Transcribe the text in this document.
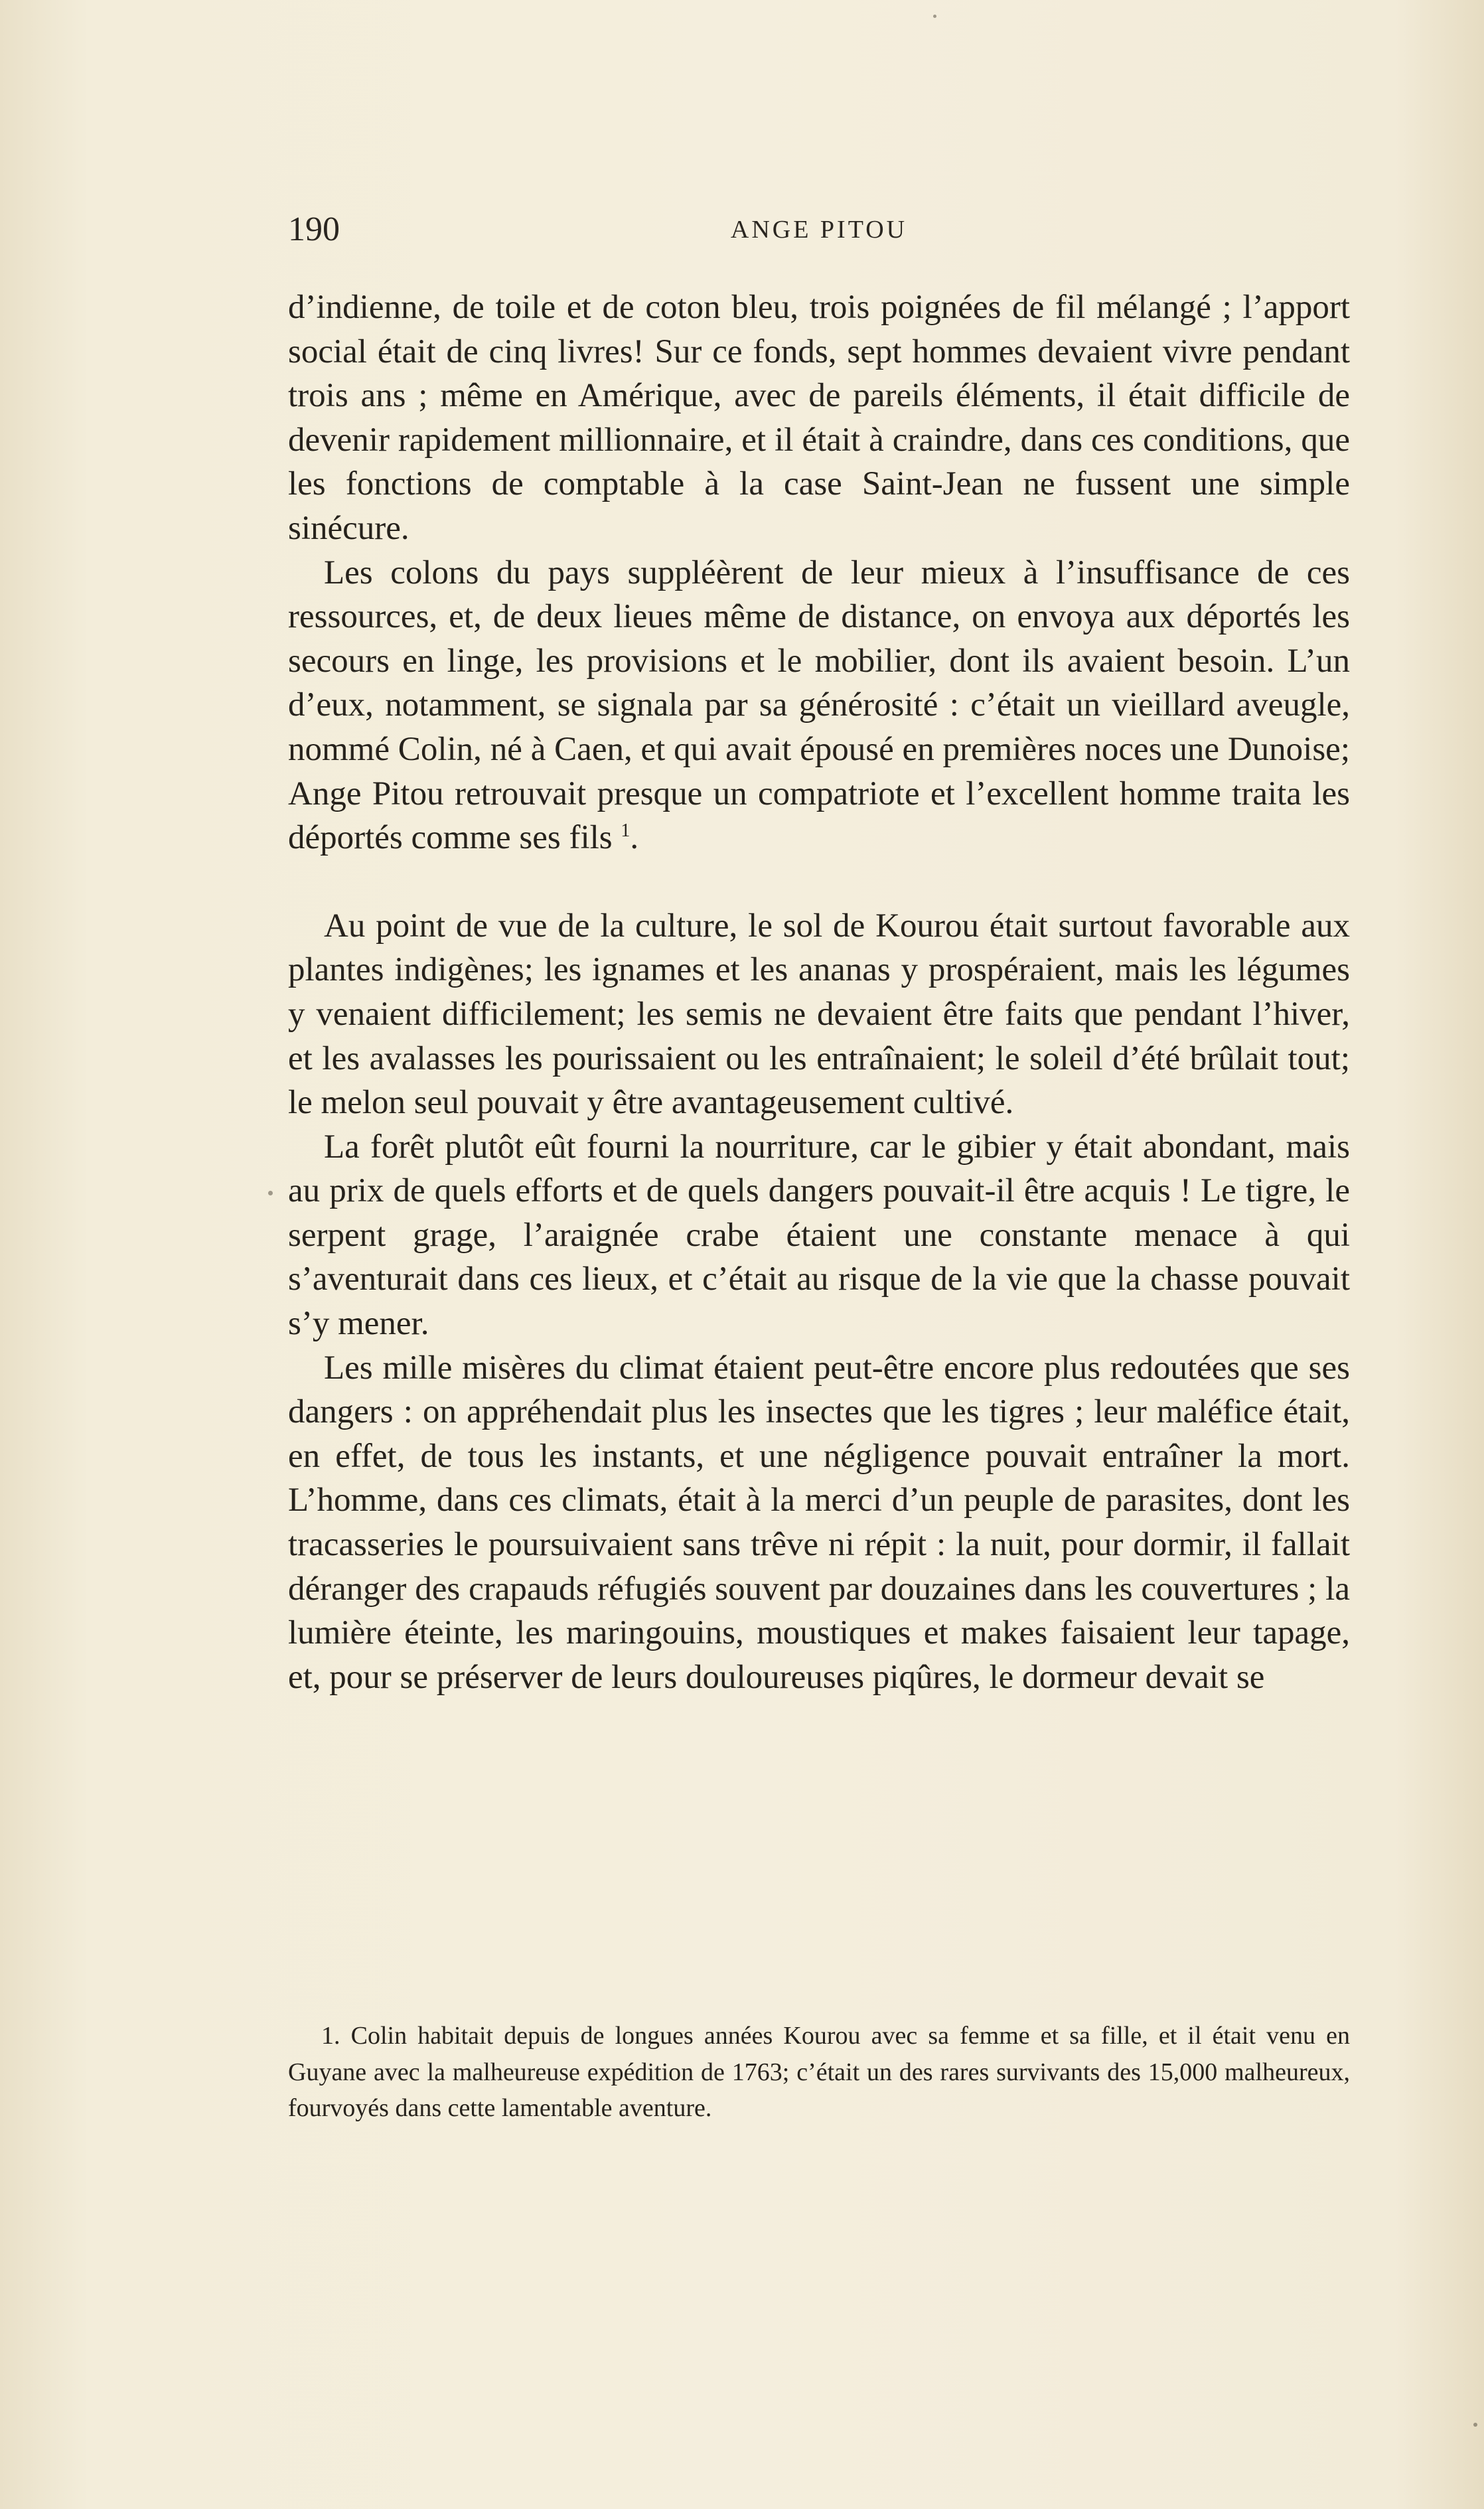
190	ANGE PITOU

d’indienne, de toile et de coton bleu, trois poignées de fil mélangé ; l’apport social était de cinq livres! Sur ce fonds, sept hommes devaient vivre pendant trois ans ; même en Amérique, avec de pareils éléments, il était difficile de devenir rapidement millionnaire, et il était à craindre, dans ces conditions, que les fonctions de comptable à la case Saint-Jean ne fussent une simple sinécure.

Les colons du pays suppléèrent de leur mieux à l’insuffisance de ces ressources, et, de deux lieues même de distance, on envoya aux déportés les secours en linge, les provisions et le mobilier, dont ils avaient besoin. L’un d’eux, notamment, se signala par sa générosité : c’était un vieillard aveugle, nommé Colin, né à Caen, et qui avait épousé en premières noces une Dunoise; Ange Pitou retrouvait presque un compatriote et l’excellent homme traita les déportés comme ses fils $^1$.

Au point de vue de la culture, le sol de Kourou était surtout favorable aux plantes indigènes; les ignames et les ananas y prospéraient, mais les légumes y venaient difficilement; les semis ne devaient être faits que pendant l’hiver, et les avalasses les pourissaient ou les entraînaient; le soleil d’été brûlait tout; le melon seul pouvait y être avantageusement cultivé.

La forêt plutôt eût fourni la nourriture, car le gibier y était abondant, mais au prix de quels efforts et de quels dangers pouvait-il être acquis ! Le tigre, le serpent grage, l’araignée crabe étaient une constante menace à qui s’aventurait dans ces lieux, et c’était au risque de la vie que la chasse pouvait s’y mener.

Les mille misères du climat étaient peut-être encore plus redoutées que ses dangers : on appréhendait plus les insectes que les tigres ; leur maléfice était, en effet, de tous les instants, et une négligence pouvait entraîner la mort. L’homme, dans ces climats, était à la merci d’un peuple de parasites, dont les tracasseries le poursuivaient sans trêve ni répit : la nuit, pour dormir, il fallait déranger des crapauds réfugiés souvent par douzaines dans les couvertures ; la lumière éteinte, les maringouins, moustiques et makes faisaient leur tapage, et, pour se préserver de leurs douloureuses piqûres, le dormeur devait se

1. Colin habitait depuis de longues années Kourou avec sa femme et sa fille, et il était venu en Guyane avec la malheureuse expédition de 1763; c’était un des rares survivants des 15,000 malheureux, fourvoyés dans cette lamentable aventure.
